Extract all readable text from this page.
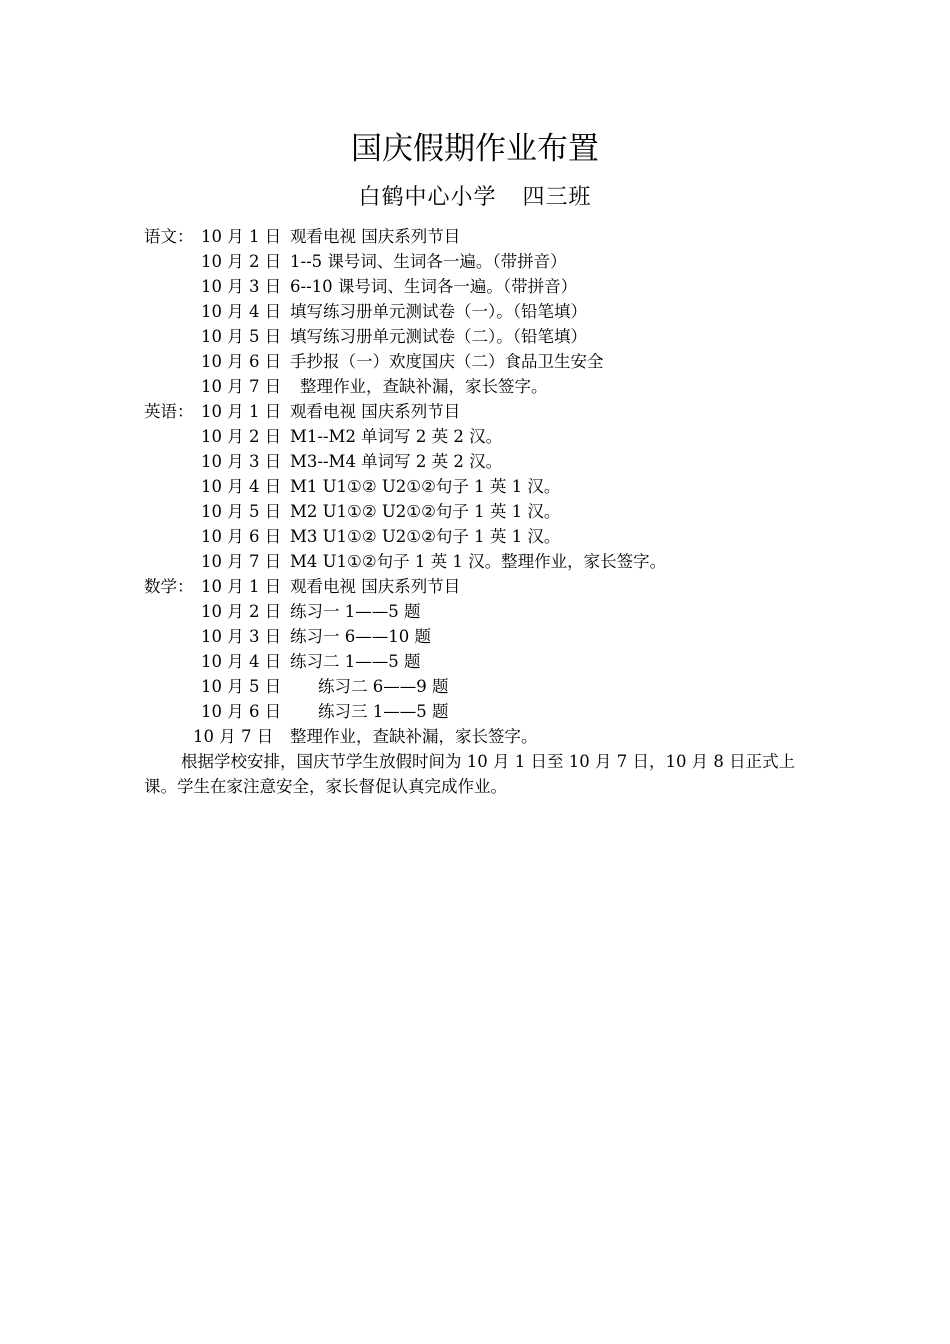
国庆假期作业布置
白鹤中心小学 四三班
语文： 10 月 1 日 观看电视 国庆系列节目
10 月 2 日 1--5 课号词、生词各一遍。（带拼音）
10 月 3 日 6--10 课号词、生词各一遍。（带拼音）
10 月 4 日 填写练习册单元测试卷（一）。（铅笔填）
10 月 5 日 填写练习册单元测试卷（二）。（铅笔填）
10 月 6 日 手抄报（一）欢度国庆（二）食品卫生安全
10 月 7 日 整理作业，查缺补漏，家长签字。
英语： 10 月 1 日 观看电视 国庆系列节目
10 月 2 日 M1--M2 单词写 2 英 2 汉。
10 月 3 日 M3--M4 单词写 2 英 2 汉。
10 月 4 日 M1 U1①② U2①②句子 1 英 1 汉。
10 月 5 日 M2 U1①② U2①②句子 1 英 1 汉。
10 月 6 日 M3 U1①② U2①②句子 1 英 1 汉。
10 月 7 日 M4 U1①②句子 1 英 1 汉。整理作业，家长签字。
数学： 10 月 1 日 观看电视 国庆系列节目
10 月 2 日 练习一 1——5 题
10 月 3 日 练习一 6——10 题
10 月 4 日 练习二 1——5 题
10 月 5 日 练习二 6——9 题
10 月 6 日 练习三 1——5 题
10 月 7 日 整理作业，查缺补漏，家长签字。
根据学校安排，国庆节学生放假时间为 10 月 1 日至 10 月 7 日，10 月 8 日正式上课。学生在家注意安全，家长督促认真完成作业。
